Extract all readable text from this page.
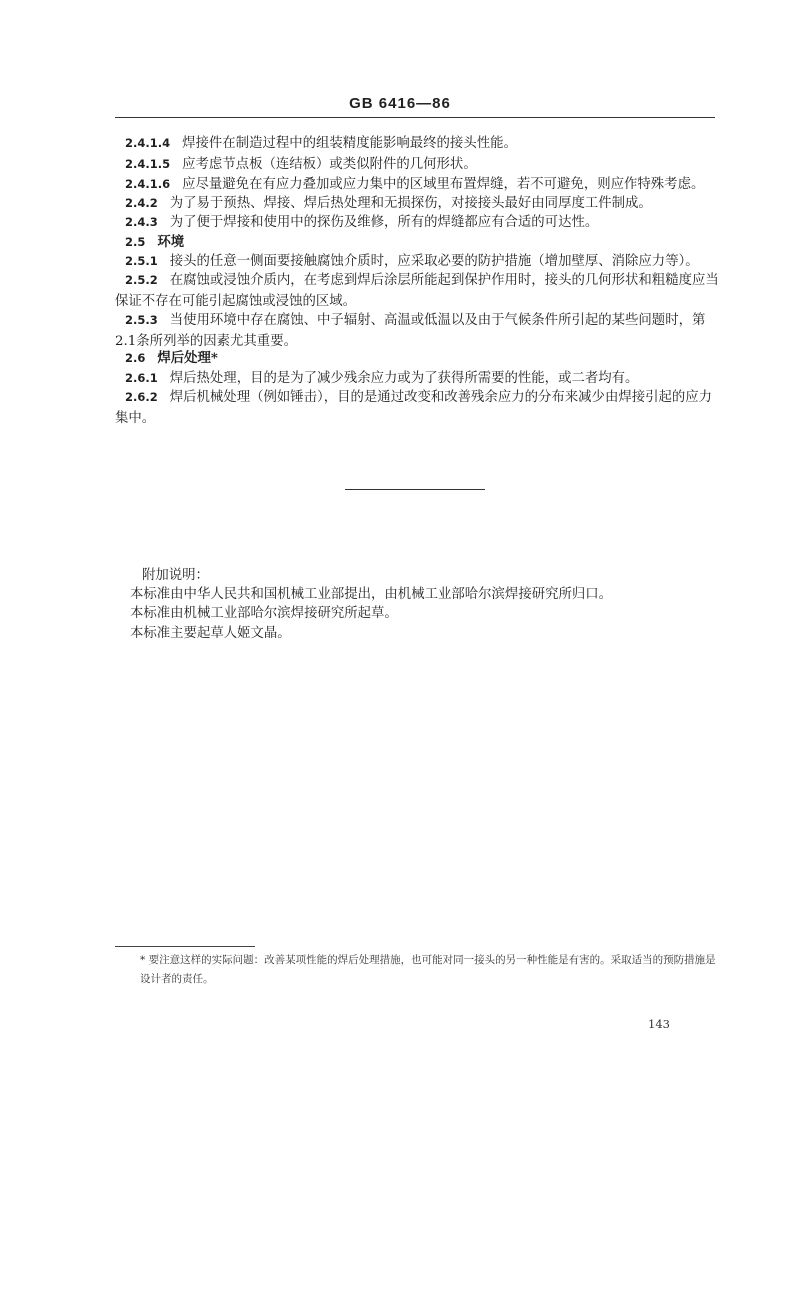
GB 6416—86
2.4.1.4 焊接件在制造过程中的组装精度能影响最终的接头性能。
2.4.1.5 应考虑节点板（连结板）或类似附件的几何形状。
2.4.1.6 应尽量避免在有应力叠加或应力集中的区域里布置焊缝，若不可避免，则应作特殊考虑。
2.4.2 为了易于预热、焊接、焊后热处理和无损探伤，对接接头最好由同厚度工件制成。
2.4.3 为了便于焊接和使用中的探伤及维修，所有的焊缝都应有合适的可达性。
2.5 环境
2.5.1 接头的任意一侧面要接触腐蚀介质时，应采取必要的防护措施（增加壁厚、消除应力等）。
2.5.2 在腐蚀或浸蚀介质内，在考虑到焊后涂层所能起到保护作用时，接头的几何形状和粗糙度应当保证不存在可能引起腐蚀或浸蚀的区域。
2.5.3 当使用环境中存在腐蚀、中子辐射、高温或低温以及由于气候条件所引起的某些问题时，第2.1条所列举的因素尤其重要。
2.6 焊后处理*
2.6.1 焊后热处理，目的是为了减少残余应力或为了获得所需要的性能，或二者均有。
2.6.2 焊后机械处理（例如锤击），目的是通过改变和改善残余应力的分布来减少由焊接引起的应力集中。
附加说明：
本标准由中华人民共和国机械工业部提出，由机械工业部哈尔滨焊接研究所归口。
本标准由机械工业部哈尔滨焊接研究所起草。
本标准主要起草人姬文晶。
* 要注意这样的实际问题：改善某项性能的焊后处理措施，也可能对同一接头的另一种性能是有害的。采取适当的预防措施是设计者的责任。
143
